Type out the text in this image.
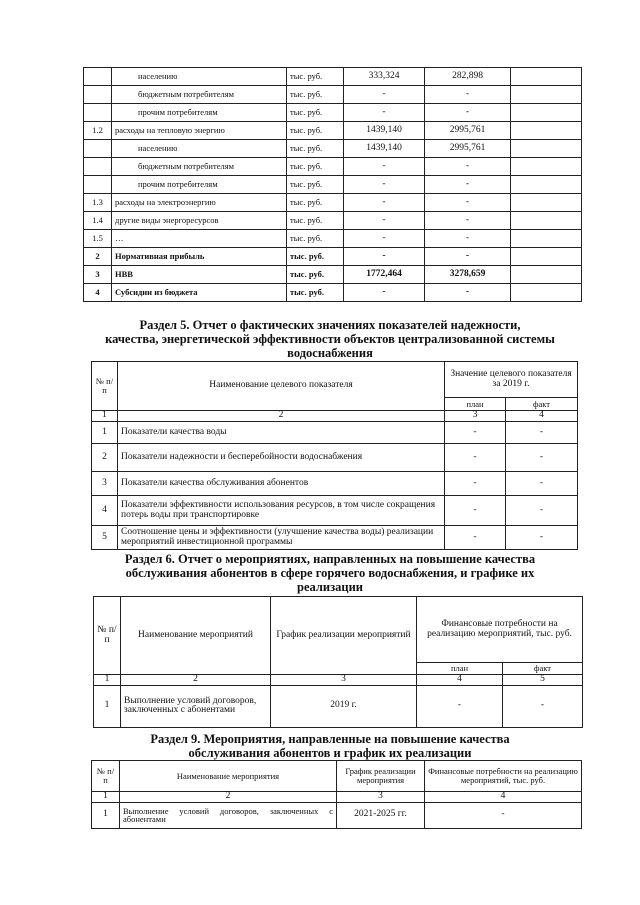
	населению	тыс. руб.	333,324	282,898	
	бюджетным потребителям	тыс. руб.	-	-	
	прочим потребителям	тыс. руб.	-	-	
1.2	расходы на тепловую энергию	тыс. руб.	1439,140	2995,761	
	населению	тыс. руб.	1439,140	2995,761	
	бюджетным потребителям	тыс. руб.	-	-	
	прочим потребителям	тыс. руб.	-	-	
1.3	расходы на электроэнергию	тыс. руб.	-	-	
1.4	другие виды энергоресурсов	тыс. руб.	-	-	
1.5	…	тыс. руб.	-	-	
2	Нормативная прибыль	тыс. руб.	-	-	
3	НВВ	тыс. руб.	1772,464	3278,659	
4	Субсидии из бюджета	тыс. руб.	-	-	
Раздел 5. Отчет о фактических значениях показателей надежности,
качества, энергетической эффективности объектов централизованной системы
водоснабжения
№ п/п	Наименование целевого показателя	Значение целевого показателя за 2019 г.	
		план	факт
1	2	3	4
1	Показатели качества воды	-	-
2	Показатели надежности и бесперебойности водоснабжения	-	-
3	Показатели качества обслуживания абонентов	-	-
4	Показатели эффективности использования ресурсов, в том числе сокращения потерь воды при транспортировке	-	-
5	Соотношение цены и эффективности (улучшение качества воды) реализации мероприятий инвестиционной программы	-	-
Раздел 6. Отчет о мероприятиях, направленных на повышение качества
обслуживания абонентов в сфере горячего водоснабжения, и графике их
реализации
№ п/п	Наименование мероприятий	График реализации мероприятий	Финансовые потребности на реализацию мероприятий, тыс. руб.	
			план	факт
1	2	3	4	5
1	Выполнение условий договоров, заключенных с абонентами	2019 г.	-	-
Раздел 9. Мероприятия, направленные на повышение качества
обслуживания абонентов и график их реализации
№ п/п	Наименование мероприятия	График реализации мероприятия	Финансовые потребности на реализацию мероприятий, тыс. руб.
1	2	3	4
1	Выполнение условий договоров, заключенных с абонентами	2021-2025 гг.	-
